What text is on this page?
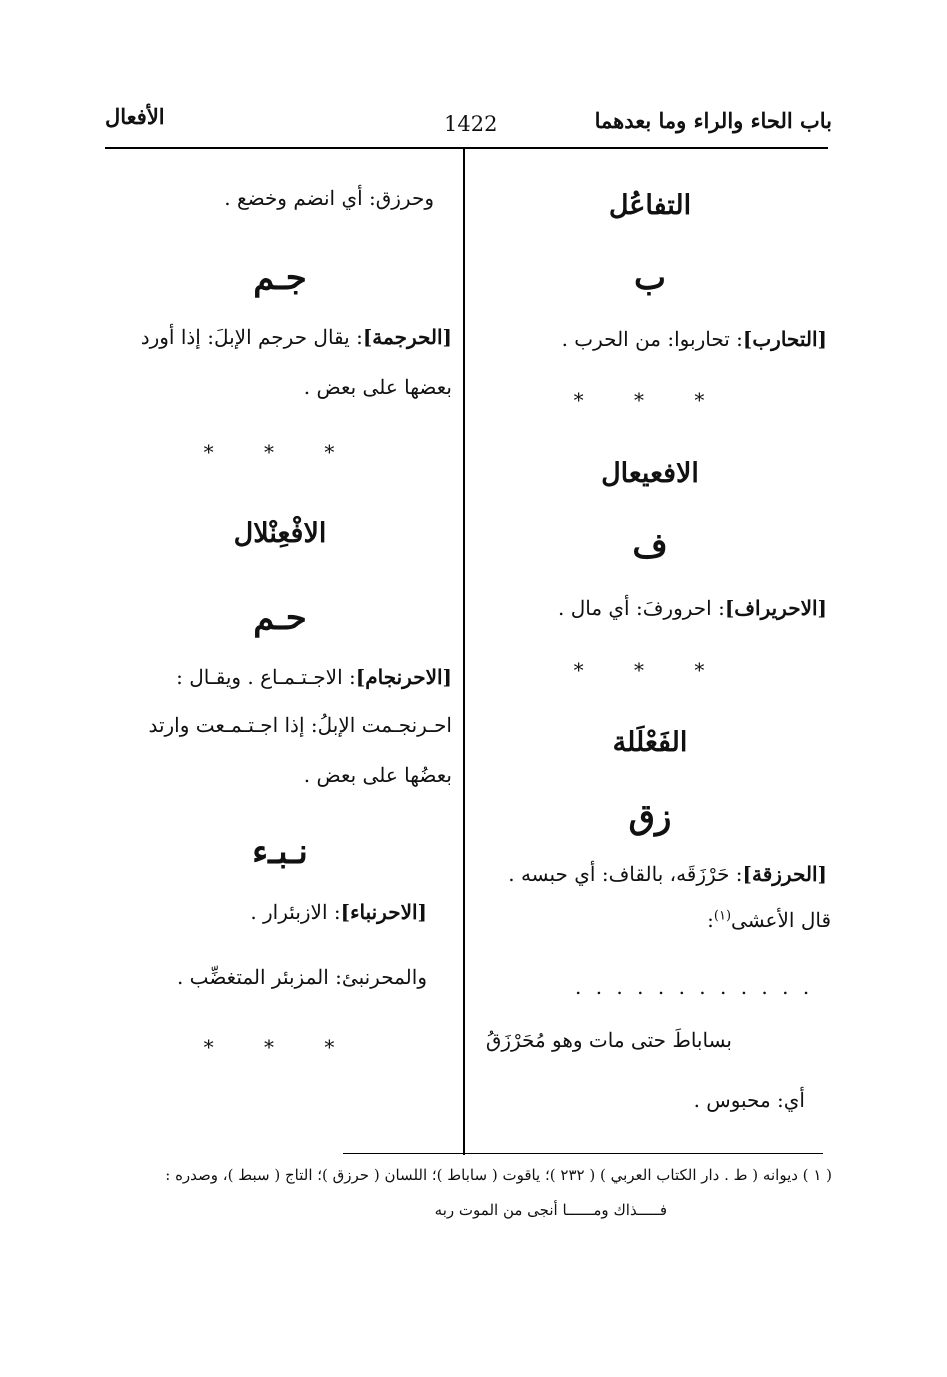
باب الحاء والراء وما بعدهما
1422
الأفعال
التفاعُل
ب
[التحارب]: تحاربوا: من الحرب .
* * *
الافعيعال
ف
[الاحريراف]: احرورفَ: أي مال .
* * *
الفَعْلَلة
زق
[الحرزقة]: حَرْزَقَه، بالقاف: أي حبسه .
قال الأعشى$^{(١)}$:
. . . . . . . . . . . .
بساباطَ حتى مات وهو مُحَرْزَقُ
أي: محبوس .
وحرزق: أي انضم وخضع .
جـم
[الحرجمة]: يقال حرجم الإبلَ: إذا أورد
بعضها على بعض .
* * *
الافْعِنْلال
حـم
[الاحرنجام]: الاجـتـمـاع . ويقـال :
احـرنجـمت الإبلُ: إذا اجـتـمـعت وارتد
بعضُها على بعض .
نـبـء
[الاحرنباء]: الازبئرار .
والمحرنبئ: المزبئر المتغضِّب .
* * *
( ١ ) ديوانه ( ط . دار الكتاب العربي ) ( ٢٣٢ )؛ ياقوت ( ساباط )؛ اللسان ( حرزق )؛ التاج ( سبط )، وصدره :
فـــــذاك ومــــــا أنجى من الموت ربه
